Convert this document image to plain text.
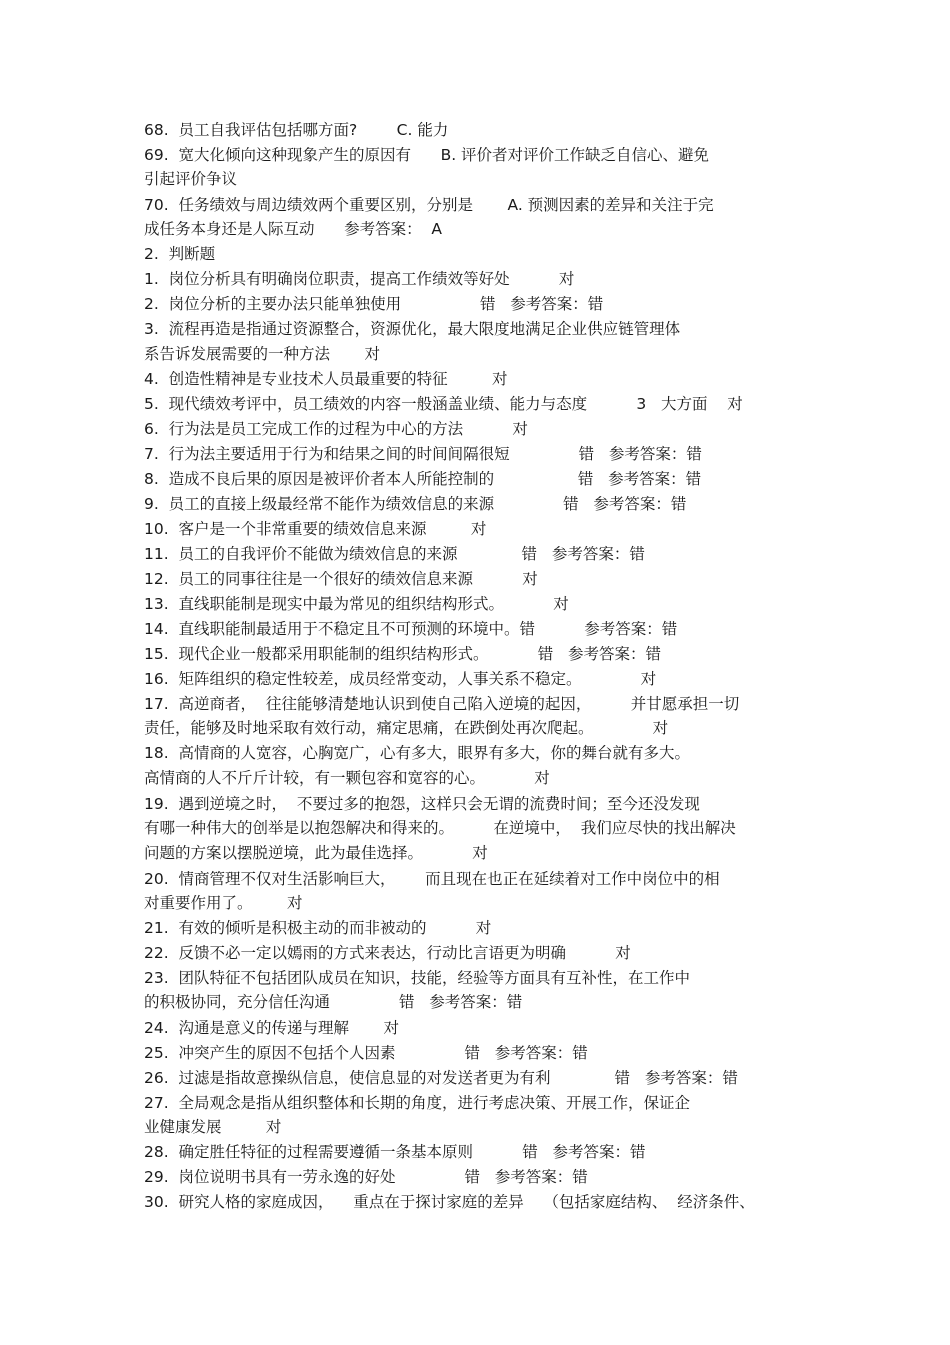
68.  员工自我评估包括哪方面?        C. 能力
69.  宽大化倾向这种现象产生的原因有      B. 评价者对评价工作缺乏自信心、避免
引起评价争议
70.  任务绩效与周边绩效两个重要区别，分别是       A. 预测因素的差异和关注于完
成任务本身还是人际互动      参考答案：  A
2.  判断题
1.  岗位分析具有明确岗位职责，提高工作绩效等好处          对
2.  岗位分析的主要办法只能单独使用                错   参考答案：错
3.  流程再造是指通过资源整合，资源优化，最大限度地满足企业供应链管理体
系告诉发展需要的一种方法       对
4.  创造性精神是专业技术人员最重要的特征         对
5.  现代绩效考评中，员工绩效的内容一般涵盖业绩、能力与态度          3   大方面    对
6.  行为法是员工完成工作的过程为中心的方法          对
7.  行为法主要适用于行为和结果之间的时间间隔很短              错   参考答案：错
8.  造成不良后果的原因是被评价者本人所能控制的                 错   参考答案：错
9.  员工的直接上级最经常不能作为绩效信息的来源              错   参考答案：错
10.  客户是一个非常重要的绩效信息来源         对
11.  员工的自我评价不能做为绩效信息的来源             错   参考答案：错
12.  员工的同事往往是一个很好的绩效信息来源          对
13.  直线职能制是现实中最为常见的组织结构形式。          对
14.  直线职能制最适用于不稳定且不可预测的环境中。错          参考答案：错
15.  现代企业一般都采用职能制的组织结构形式。          错   参考答案：错
16.  矩阵组织的稳定性较差，成员经常变动，人事关系不稳定。            对
17.  高逆商者，  往往能够清楚地认识到使自己陷入逆境的起因，        并甘愿承担一切
责任，能够及时地采取有效行动，痛定思痛，在跌倒处再次爬起。            对
18.  高情商的人宽容，心胸宽广，心有多大，眼界有多大，你的舞台就有多大。
高情商的人不斤斤计较，有一颗包容和宽容的心。          对
19.  遇到逆境之时，  不要过多的抱怨，这样只会无谓的流费时间；至今还没发现
有哪一种伟大的创举是以抱怨解决和得来的。        在逆境中，  我们应尽快的找出解决
问题的方案以摆脱逆境，此为最佳选择。          对
20.  情商管理不仅对生活影响巨大，      而且现在也正在延续着对工作中岗位中的相
对重要作用了。       对
21.  有效的倾听是积极主动的而非被动的          对
22.  反馈不必一定以嫣雨的方式来表达，行动比言语更为明确          对
23.  团队特征不包括团队成员在知识，技能，经验等方面具有互补性，在工作中
的积极协同，充分信任沟通              错   参考答案：错
24.  沟通是意义的传递与理解       对
25.  冲突产生的原因不包括个人因素              错   参考答案：错
26.  过滤是指故意操纵信息，使信息显的对发送者更为有利             错   参考答案：错
27.  全局观念是指从组织整体和长期的角度，进行考虑决策、开展工作，保证企
业健康发展         对
28.  确定胜任特征的过程需要遵循一条基本原则          错   参考答案：错
29.  岗位说明书具有一劳永逸的好处              错   参考答案：错
30.  研究人格的家庭成因，    重点在于探讨家庭的差异    （包括家庭结构、  经济条件、
